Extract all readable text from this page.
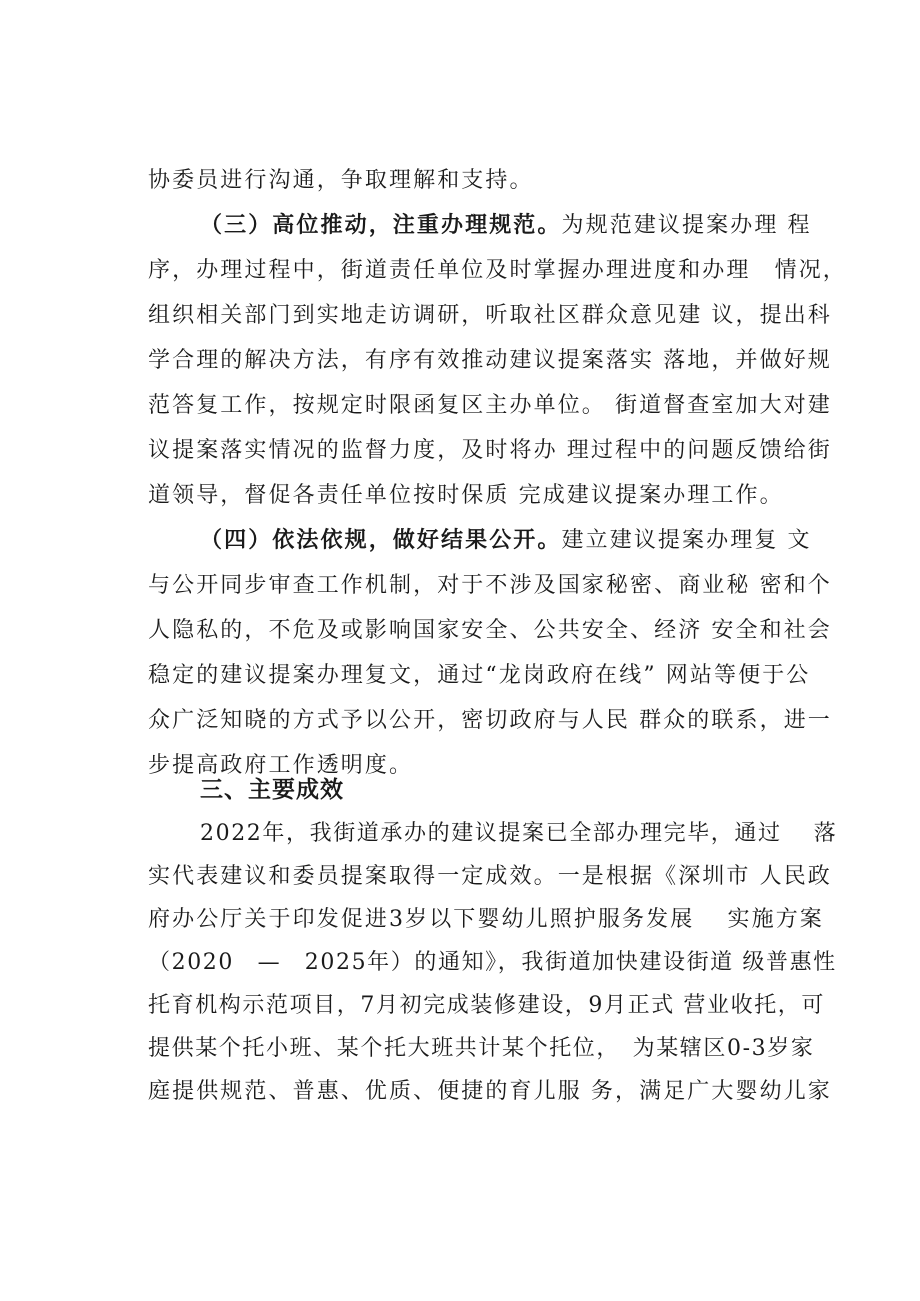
协委员进行沟通，争取理解和支持。
（三）高位推动，注重办理规范。为规范建议提案办理 程
序，办理过程中，街道责任单位及时掌握办理进度和办理　情况，
组织相关部门到实地走访调研，听取社区群众意见建 议，提出科
学合理的解决方法，有序有效推动建议提案落实 落地，并做好规
范答复工作，按规定时限函复区主办单位。 街道督查室加大对建
议提案落实情况的监督力度，及时将办 理过程中的问题反馈给街
道领导，督促各责任单位按时保质 完成建议提案办理工作。
（四）依法依规，做好结果公开。建立建议提案办理复 文
与公开同步审查工作机制，对于不涉及国家秘密、商业秘 密和个
人隐私的，不危及或影响国家安全、公共安全、经济 安全和社会
稳定的建议提案办理复文，通过“龙岗政府在线” 网站等便于公
众广泛知晓的方式予以公开，密切政府与人民 群众的联系，进一
步提高政府工作透明度。
三、主要成效
2022年，我街道承办的建议提案已全部办理完毕，通过　 落
实代表建议和委员提案取得一定成效。一是根据《深圳市 人民政
府办公厅关于印发促进3岁以下婴幼儿照护服务发展　 实施方案
（2020　—　2025年）的通知》，我街道加快建设街道 级普惠性
托育机构示范项目，7月初完成装修建设，9月正式 营业收托，可
提供某个托小班、某个托大班共计某个托位，　为某辖区0-3岁家
庭提供规范、普惠、优质、便捷的育儿服 务，满足广大婴幼儿家
